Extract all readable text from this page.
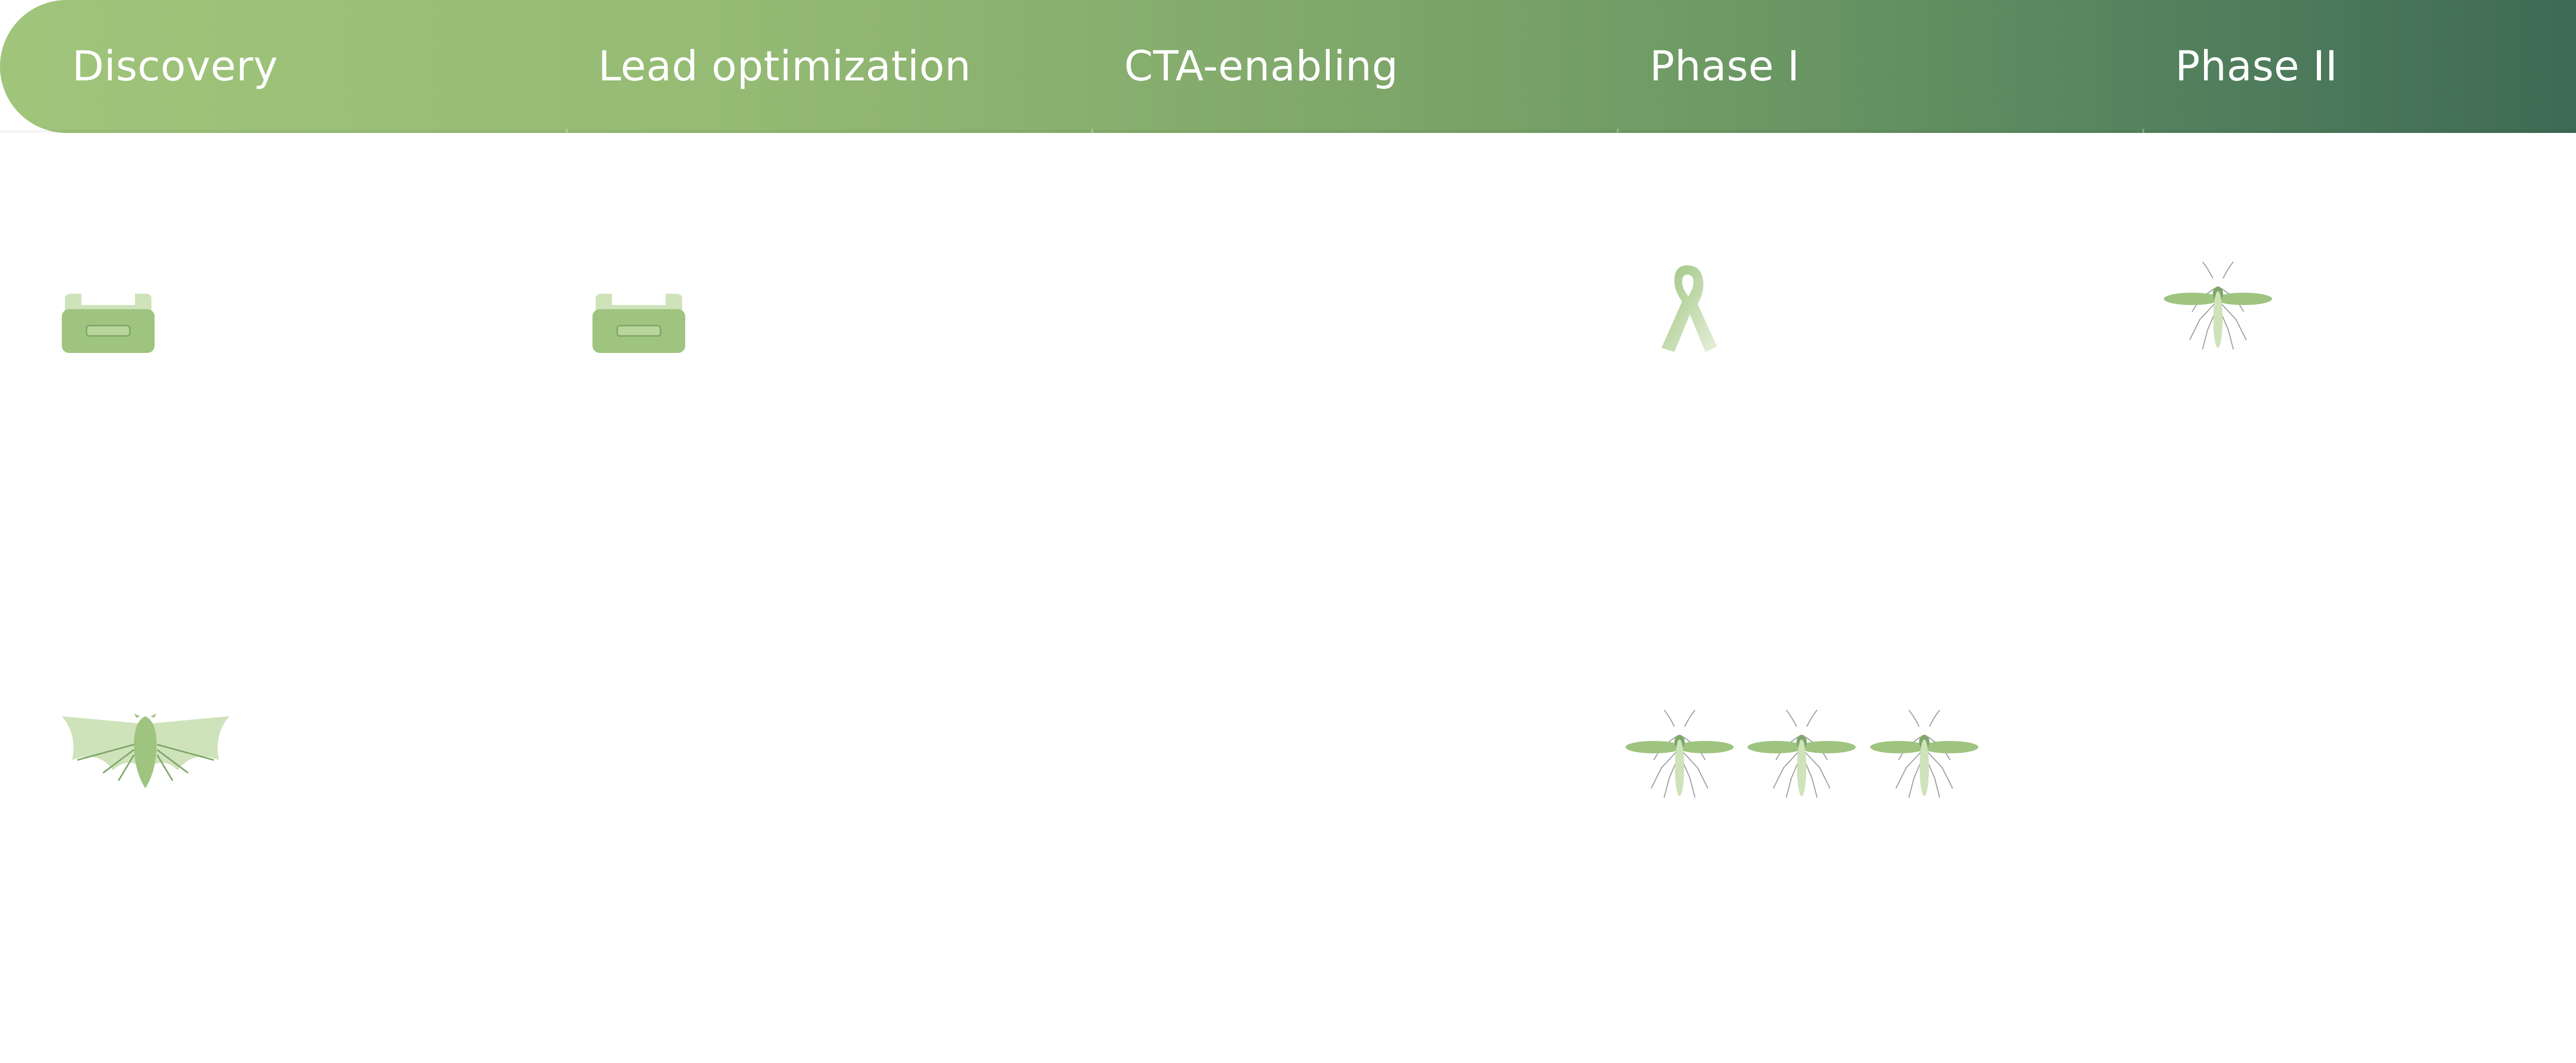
Discovery	Lead optimization	CTA-enabling	Phase I	Phase II
